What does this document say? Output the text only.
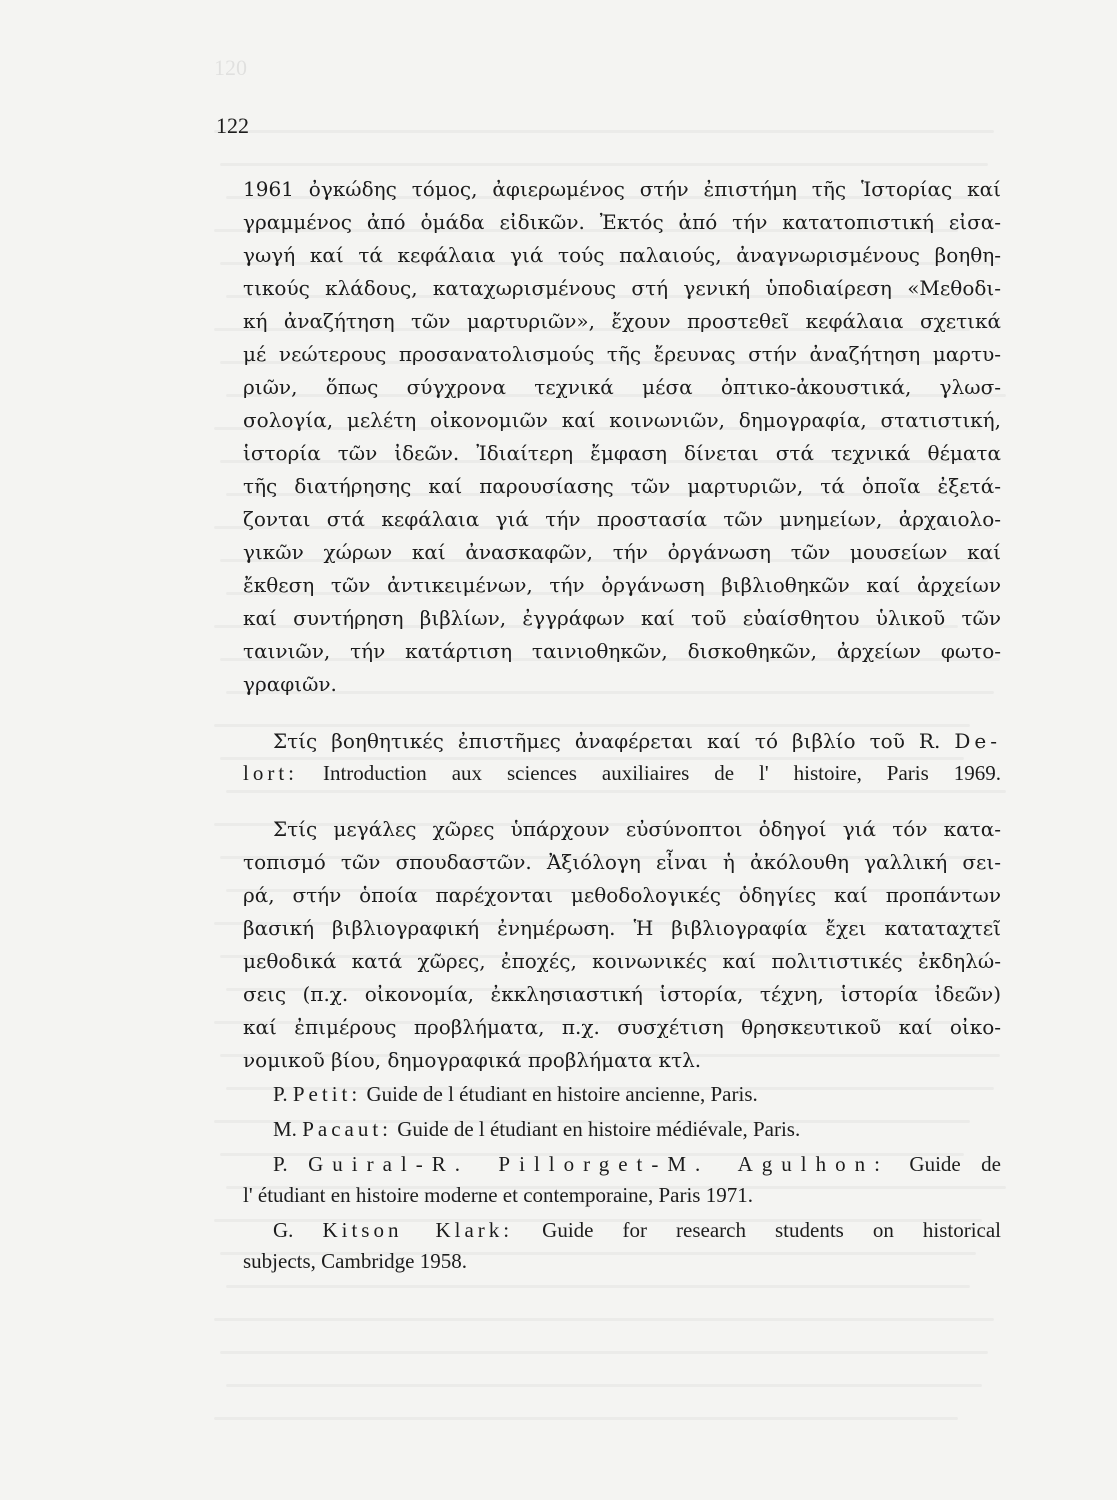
120
122
1961 ὀγκώδης τόμος, ἀφιερωμένος στήν ἐπιστήμη τῆς Ἱστορίας καί
γραμμένος ἀπό ὁμάδα εἰδικῶν. Ἐκτός ἀπό τήν κατατοπιστική εἰσα-
γωγή καί τά κεφάλαια γιά τούς παλαιούς, ἀναγνωρισμένους βοηθη-
τικούς κλάδους, καταχωρισμένους στή γενική ὑποδιαίρεση «Μεθοδι-
κή ἀναζήτηση τῶν μαρτυριῶν», ἔχουν προστεθεῖ κεφάλαια σχετικά
μέ νεώτερους προσανατολισμούς τῆς ἔρευνας στήν ἀναζήτηση μαρτυ-
ριῶν, ὅπως σύγχρονα τεχνικά μέσα ὀπτικο-ἀκουστικά, γλωσ-
σολογία, μελέτη οἰκονομιῶν καί κοινωνιῶν, δημογραφία, στατιστική,
ἱστορία τῶν ἰδεῶν. Ἰδιαίτερη ἔμφαση δίνεται στά τεχνικά θέματα
τῆς διατήρησης καί παρουσίασης τῶν μαρτυριῶν, τά ὁποῖα ἐξετά-
ζονται στά κεφάλαια γιά τήν προστασία τῶν μνημείων, ἀρχαιολο-
γικῶν χώρων καί ἀνασκαφῶν, τήν ὀργάνωση τῶν μουσείων καί
ἔκθεση τῶν ἀντικειμένων, τήν ὀργάνωση βιβλιοθηκῶν καί ἀρχείων
καί συντήρηση βιβλίων, ἐγγράφων καί τοῦ εὐαίσθητου ὑλικοῦ τῶν
ταινιῶν, τήν κατάρτιση ταινιοθηκῶν, δισκοθηκῶν, ἀρχείων φωτο-
γραφιῶν.
Στίς βοηθητικές ἐπιστῆμες ἀναφέρεται καί τό βιβλίο τοῦ R. De-
lort: Introduction aux sciences auxiliaires de l' histoire, Paris 1969.
Στίς μεγάλες χῶρες ὑπάρχουν εὐσύνοπτοι ὁδηγοί γιά τόν κατα-
τοπισμό τῶν σπουδαστῶν. Ἀξιόλογη εἶναι ἡ ἀκόλουθη γαλλική σει-
ρά, στήν ὁποία παρέχονται μεθοδολογικές ὁδηγίες καί προπάντων
βασική βιβλιογραφική ἐνημέρωση. Ἡ βιβλιογραφία ἔχει καταταχτεῖ
μεθοδικά κατά χῶρες, ἐποχές, κοινωνικές καί πολιτιστικές ἐκδηλώ-
σεις (π.χ. οἰκονομία, ἐκκλησιαστική ἱστορία, τέχνη, ἱστορία ἰδεῶν)
καί ἐπιμέρους προβλήματα, π.χ. συσχέτιση θρησκευτικοῦ καί οἰκο-
νομικοῦ βίου, δημογραφικά προβλήματα κτλ.
P. Petit: Guide de l étudiant en histoire ancienne, Paris.
M. Pacaut: Guide de l étudiant en histoire médiévale, Paris.
P. Guiral-R. Pillorget-M. Agulhon: Guide de
l' étudiant en histoire moderne et contemporaine, Paris 1971.
G. Kitson Klark: Guide for research students on historical
subjects, Cambridge 1958.
